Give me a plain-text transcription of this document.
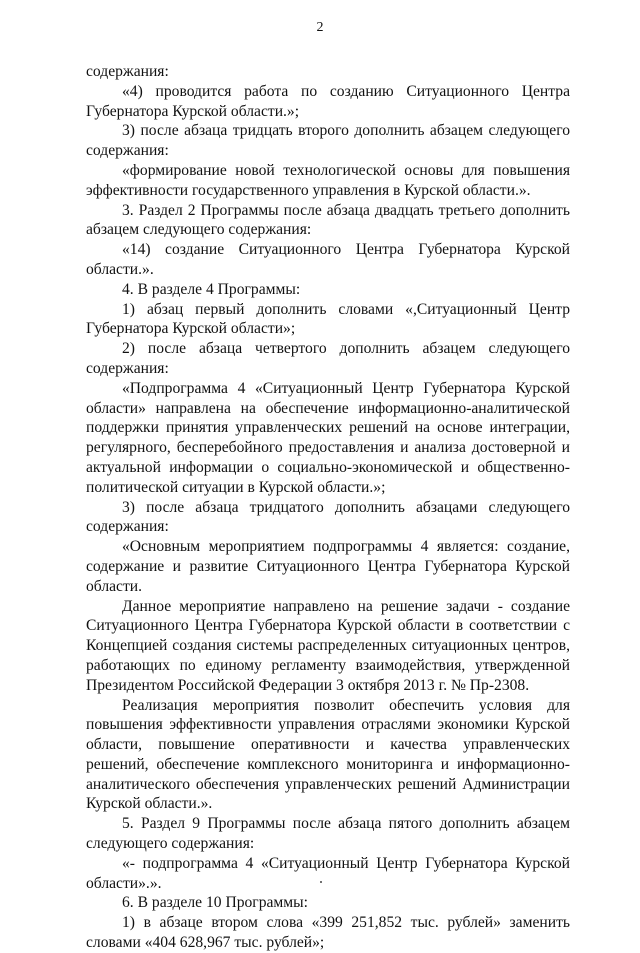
2

содержания:

«4) проводится работа по созданию Ситуационного Центра Губернатора Курской области.»;

3) после абзаца тридцать второго дополнить абзацем следующего содержания:

«формирование новой технологической основы для повышения эффективности государственного управления в Курской области.».

3. Раздел 2 Программы после абзаца двадцать третьего дополнить абзацем следующего содержания:

«14) создание Ситуационного Центра Губернатора Курской области.».

4. В разделе 4 Программы:

1) абзац первый дополнить словами «,Ситуационный Центр Губернатора Курской области»;

2) после абзаца четвертого дополнить абзацем следующего содержания:

«Подпрограмма 4 «Ситуационный Центр Губернатора Курской области» направлена на обеспечение информационно-аналитической поддержки принятия управленческих решений на основе интеграции, регулярного, бесперебойного предоставления и анализа достоверной и актуальной информации о социально-экономической и общественно-политической ситуации в Курской области.»;

3) после абзаца тридцатого дополнить абзацами следующего содержания:

«Основным мероприятием подпрограммы 4 является: создание, содержание и развитие Ситуационного Центра Губернатора Курской области.

Данное мероприятие направлено на решение задачи - создание Ситуационного Центра Губернатора Курской области в соответствии с Концепцией создания системы распределенных ситуационных центров, работающих по единому регламенту взаимодействия, утвержденной Президентом Российской Федерации 3 октября 2013 г. № Пр-2308.

Реализация мероприятия позволит обеспечить условия для повышения эффективности управления отраслями экономики Курской области, повышение оперативности и качества управленческих решений, обеспечение комплексного мониторинга и информационно-аналитического обеспечения управленческих решений Администрации Курской области.».

5. Раздел 9 Программы после абзаца пятого дополнить абзацем следующего содержания:

«- подпрограмма 4 «Ситуационный Центр Губернатора Курской области».».

6. В разделе 10 Программы:

1) в абзаце втором слова «399 251,852 тыс. рублей» заменить словами «404 628,967 тыс. рублей»;
